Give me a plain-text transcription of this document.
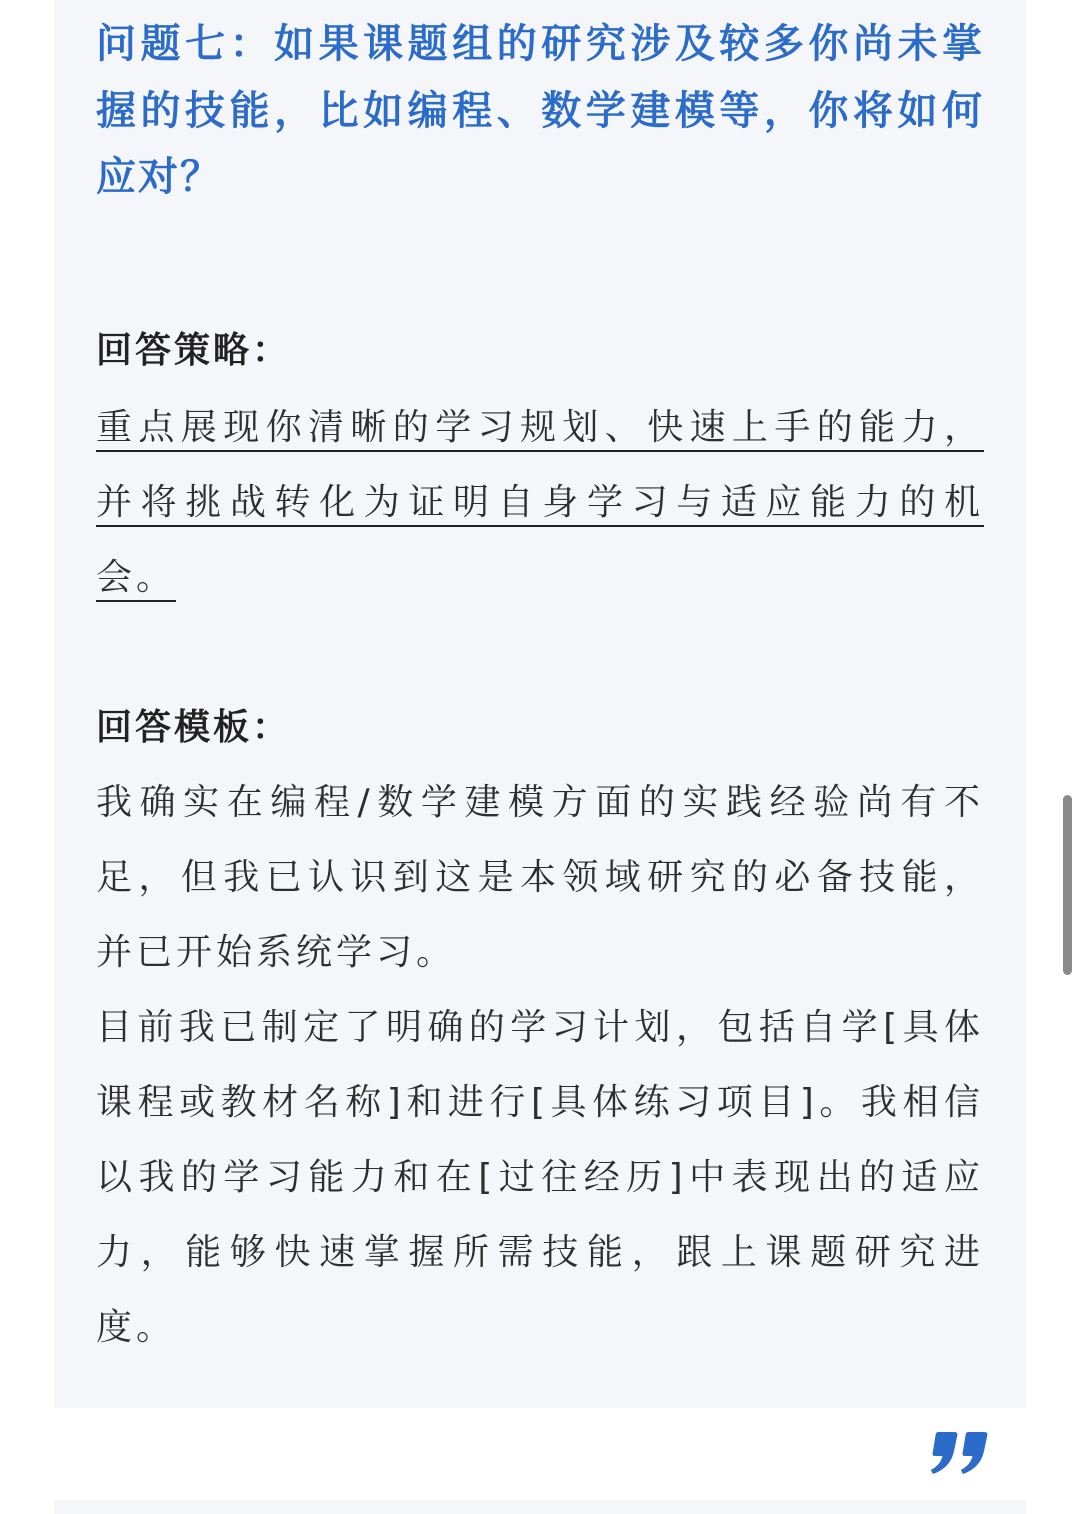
问题七：如果课题组的研究涉及较多你尚未掌
握的技能，比如编程、数学建模等，你将如何
应对？
回答策略：
重点展现你清晰的学习规划、快速上手的能力，
并将挑战转化为证明自身学习与适应能力的机
会。
回答模板：
我确实在编程/数学建模方面的实践经验尚有不
足，但我已认识到这是本领域研究的必备技能，
并已开始系统学习。
目前我已制定了明确的学习计划，包括自学[具体
课程或教材名称]和进行[具体练习项目]。我相信
以我的学习能力和在[过往经历]中表现出的适应
力，能够快速掌握所需技能，跟上课题研究进
度。
